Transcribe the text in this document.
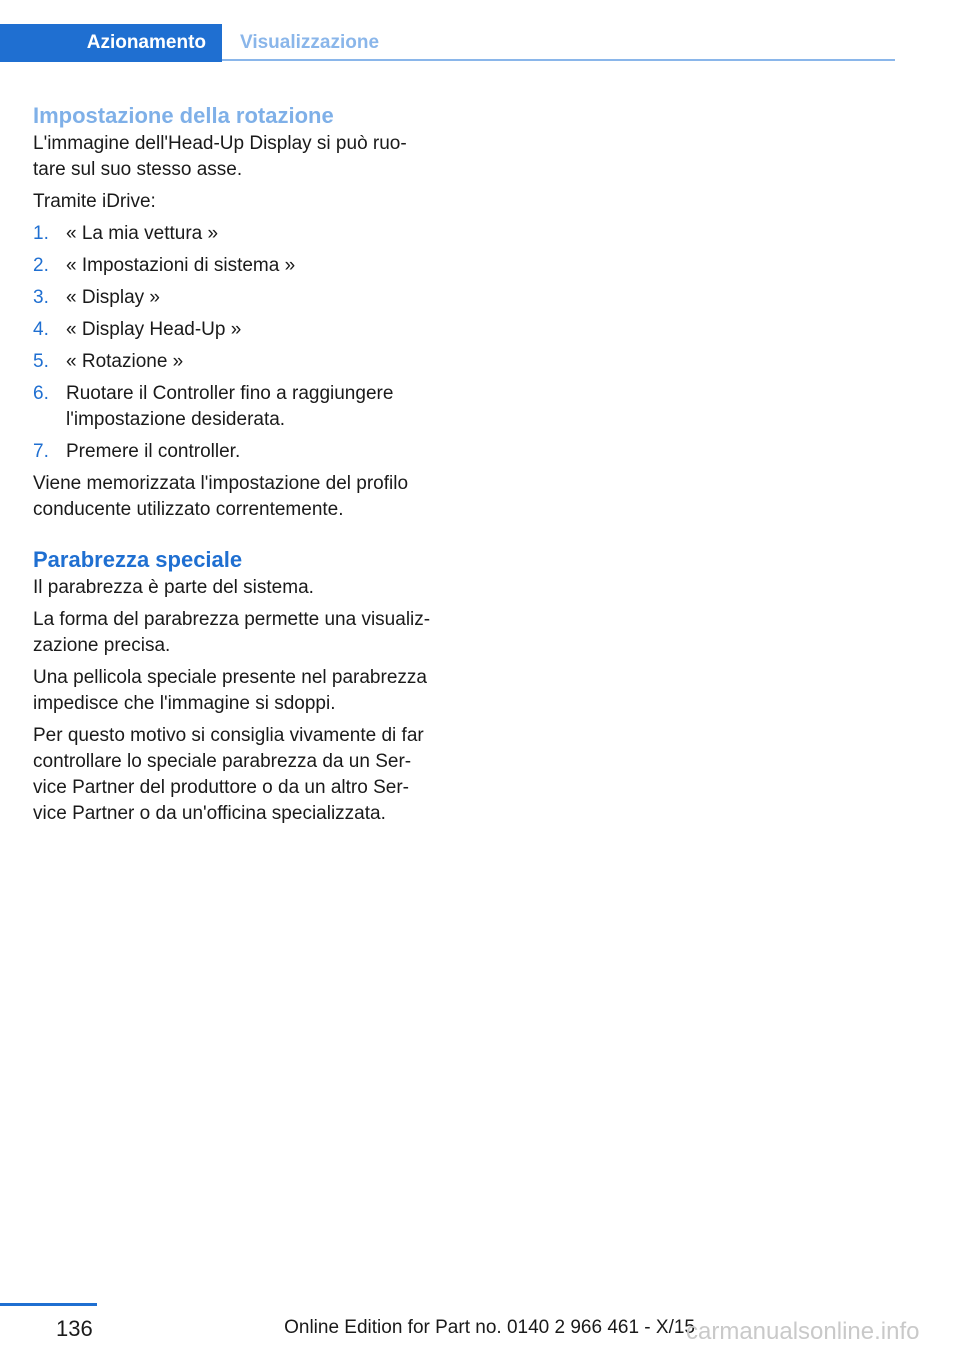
Azionamento	Visualizzazione
Impostazione della rotazione

L'immagine dell'Head-Up Display si può ruo‐
tare sul suo stesso asse.

Tramite iDrive:

1. « La mia vettura »
2. « Impostazioni di sistema »
3. « Display »
4. « Display Head-Up »
5. « Rotazione »
6. Ruotare il Controller fino a raggiungere
l'impostazione desiderata.
7. Premere il controller.

Viene memorizzata l'impostazione del profilo
conducente utilizzato correntemente.

Parabrezza speciale

Il parabrezza è parte del sistema.

La forma del parabrezza permette una visualiz‐
zazione precisa.

Una pellicola speciale presente nel parabrezza
impedisce che l'immagine si sdoppi.

Per questo motivo si consiglia vivamente di far
controllare lo speciale parabrezza da un Ser‐
vice Partner del produttore o da un altro Ser‐
vice Partner o da un'officina specializzata.

136	Online Edition for Part no. 0140 2 966 461 - X/15
carmanualsonline.info
